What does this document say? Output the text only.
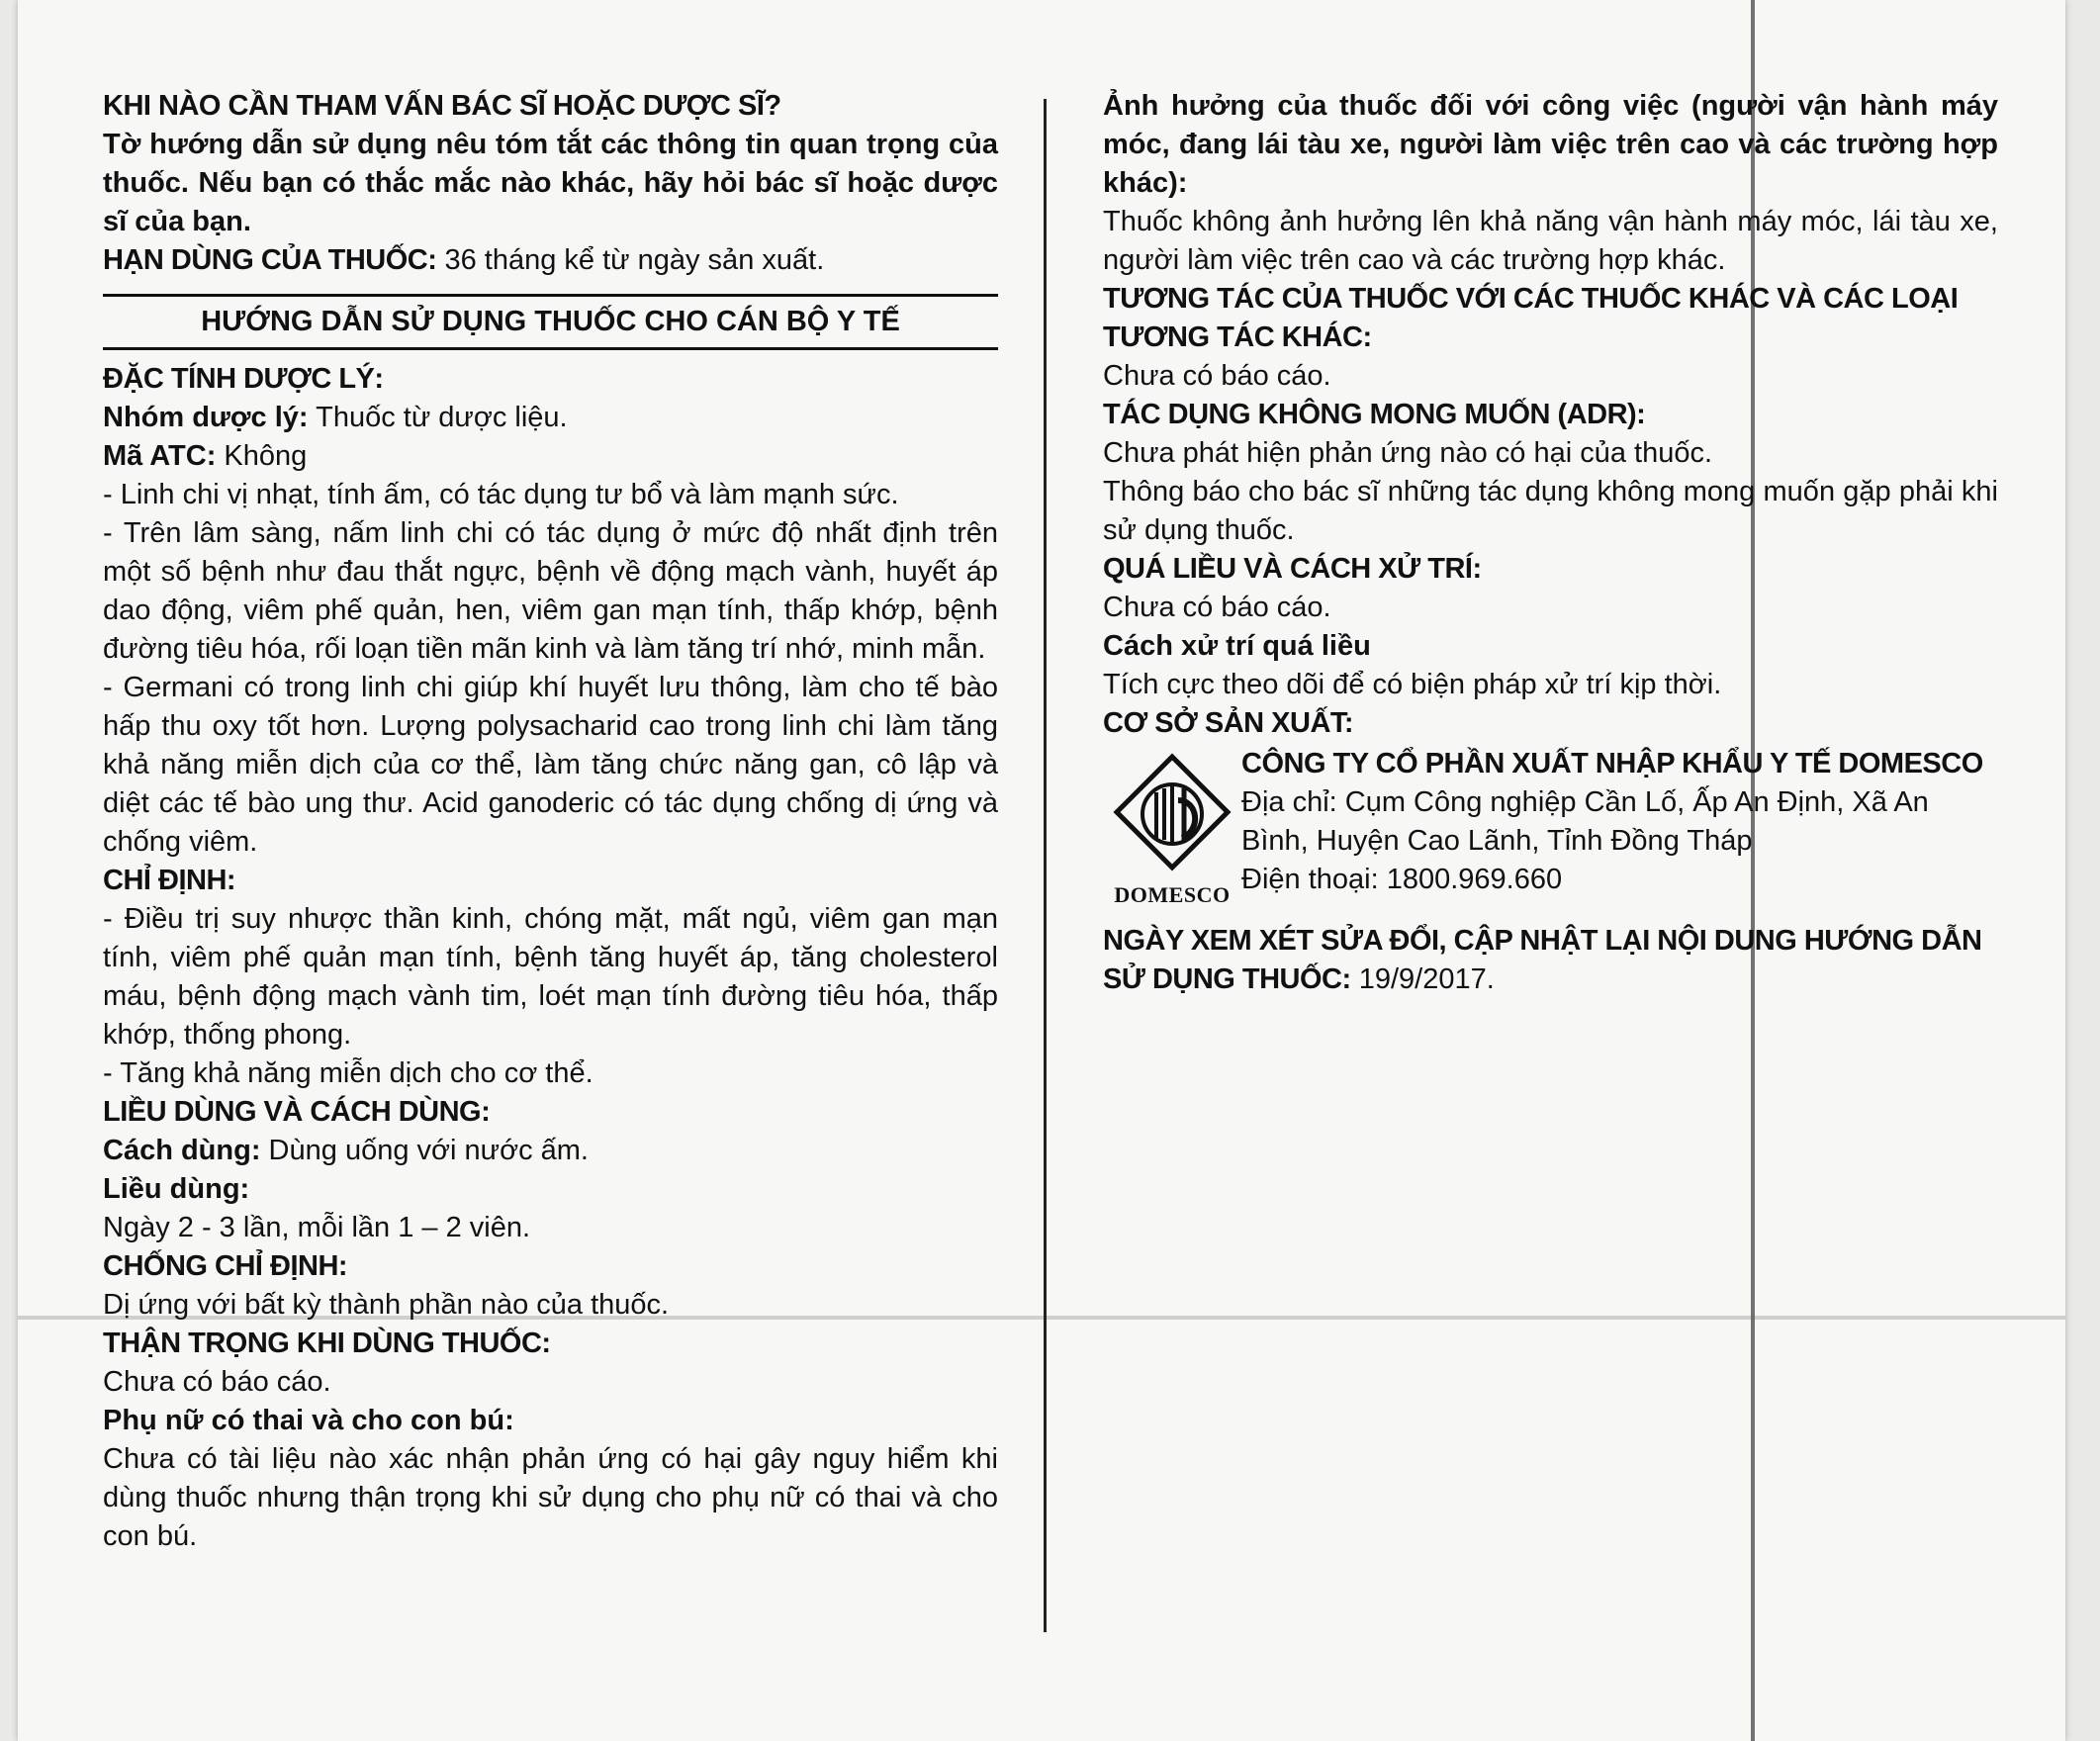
KHI NÀO CẦN THAM VẤN BÁC SĨ HOẶC DƯỢC SĨ?

Tờ hướng dẫn sử dụng nêu tóm tắt các thông tin quan trọng của thuốc. Nếu bạn có thắc mắc nào khác, hãy hỏi bác sĩ hoặc dược sĩ của bạn.

HẠN DÙNG CỦA THUỐC: 36 tháng kể từ ngày sản xuất.

HƯỚNG DẪN SỬ DỤNG THUỐC CHO CÁN BỘ Y TẾ

ĐẶC TÍNH DƯỢC LÝ:

Nhóm dược lý: Thuốc từ dược liệu.

Mã ATC: Không

- Linh chi vị nhạt, tính ấm, có tác dụng tư bổ và làm mạnh sức.

- Trên lâm sàng, nấm linh chi có tác dụng ở mức độ nhất định trên một số bệnh như đau thắt ngực, bệnh về động mạch vành, huyết áp dao động, viêm phế quản, hen, viêm gan mạn tính, thấp khớp, bệnh đường tiêu hóa, rối loạn tiền mãn kinh và làm tăng trí nhớ, minh mẫn.

- Germani có trong linh chi giúp khí huyết lưu thông, làm cho tế bào hấp thu oxy tốt hơn. Lượng polysacharid cao trong linh chi làm tăng khả năng miễn dịch của cơ thể, làm tăng chức năng gan, cô lập và diệt các tế bào ung thư. Acid ganoderic có tác dụng chống dị ứng và chống viêm.

CHỈ ĐỊNH:

- Điều trị suy nhược thần kinh, chóng mặt, mất ngủ, viêm gan mạn tính, viêm phế quản mạn tính, bệnh tăng huyết áp, tăng cholesterol máu, bệnh động mạch vành tim, loét mạn tính đường tiêu hóa, thấp khớp, thống phong.

- Tăng khả năng miễn dịch cho cơ thể.

LIỀU DÙNG VÀ CÁCH DÙNG:

Cách dùng: Dùng uống với nước ấm.

Liều dùng:

Ngày 2 - 3 lần, mỗi lần 1 – 2 viên.

CHỐNG CHỈ ĐỊNH:

Dị ứng với bất kỳ thành phần nào của thuốc.

THẬN TRỌNG KHI DÙNG THUỐC:

Chưa có báo cáo.

Phụ nữ có thai và cho con bú:

Chưa có tài liệu nào xác nhận phản ứng có hại gây nguy hiểm khi dùng thuốc nhưng thận trọng khi sử dụng cho phụ nữ có thai và cho con bú.

Ảnh hưởng của thuốc đối với công việc (người vận hành máy móc, đang lái tàu xe, người làm việc trên cao và các trường hợp khác):

Thuốc không ảnh hưởng lên khả năng vận hành máy móc, lái tàu xe, người làm việc trên cao và các trường hợp khác.

TƯƠNG TÁC CỦA THUỐC VỚI CÁC THUỐC KHÁC VÀ CÁC LOẠI TƯƠNG TÁC KHÁC:

Chưa có báo cáo.

TÁC DỤNG KHÔNG MONG MUỐN (ADR):

Chưa phát hiện phản ứng nào có hại của thuốc.

Thông báo cho bác sĩ những tác dụng không mong muốn gặp phải khi sử dụng thuốc.

QUÁ LIỀU VÀ CÁCH XỬ TRÍ:

Chưa có báo cáo.

Cách xử trí quá liều

Tích cực theo dõi để có biện pháp xử trí kịp thời.

CƠ SỞ SẢN XUẤT:

DOMESCO

CÔNG TY CỔ PHẦN XUẤT NHẬP KHẨU Y TẾ DOMESCO

Địa chỉ: Cụm Công nghiệp Cần Lố, Ấp An Định, Xã An Bình, Huyện Cao Lãnh, Tỉnh Đồng Tháp

Điện thoại: 1800.969.660

NGÀY XEM XÉT SỬA ĐỔI, CẬP NHẬT LẠI NỘI DUNG HƯỚNG DẪN SỬ DỤNG THUỐC: 19/9/2017.
